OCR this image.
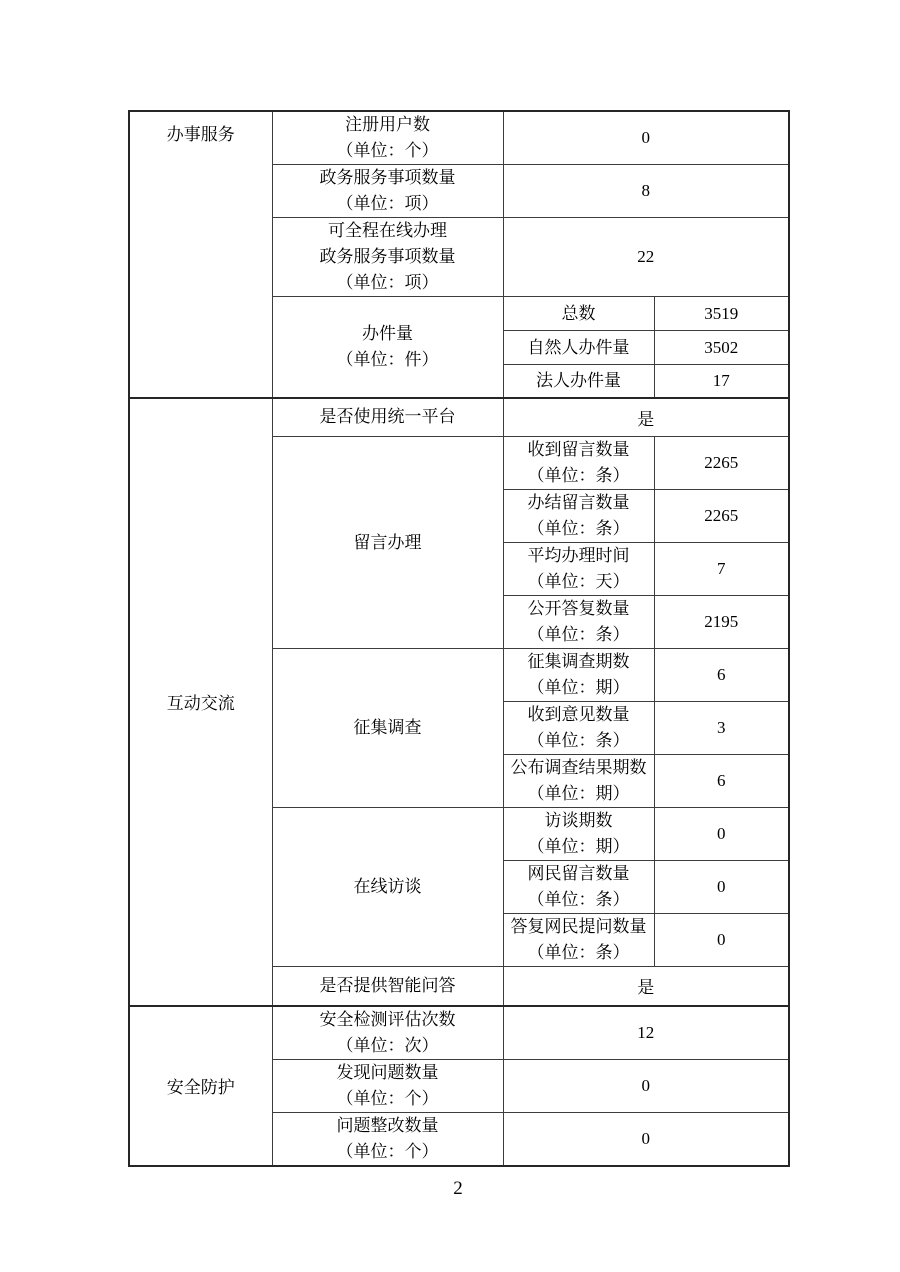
办事服务	注册用户数
（单位：个）	0	

	政务服务事项数量
（单位：项）	8	

	可全程在线办理
政务服务事项数量
（单位：项）	22	

	办件量
（单位：件）	总数	3519

		自然人办件量	3502

		法人办件量	17

互动交流	是否使用统一平台	是	

	留言办理	收到留言数量
（单位：条）	2265

		办结留言数量
（单位：条）	2265

		平均办理时间
（单位：天）	7

		公开答复数量
（单位：条）	2195

	征集调查	征集调查期数
（单位：期）	6

		收到意见数量
（单位：条）	3

		公布调查结果期数
（单位：期）	6

	在线访谈	访谈期数
（单位：期）	0

		网民留言数量
（单位：条）	0

		答复网民提问数量
（单位：条）	0

	是否提供智能问答	是	

安全防护	安全检测评估次数
（单位：次）	12	

	发现问题数量
（单位：个）	0	

	问题整改数量
（单位：个）	0	
2
